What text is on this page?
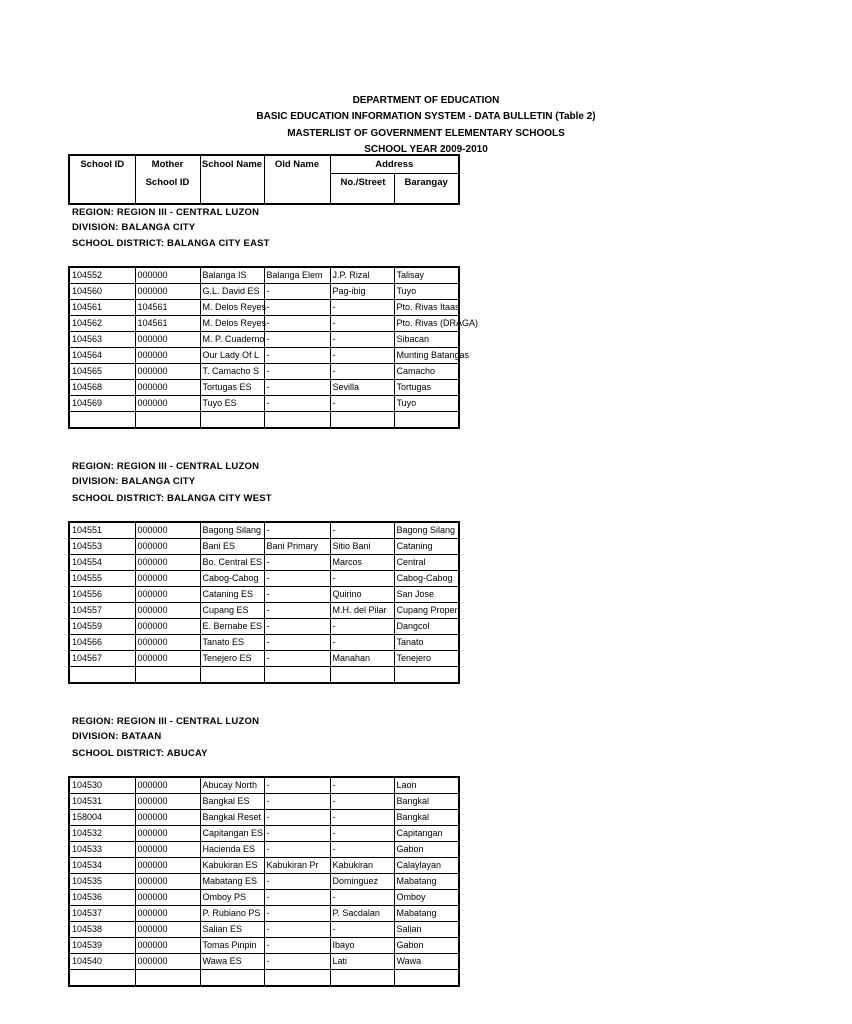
DEPARTMENT OF EDUCATION
BASIC EDUCATION INFORMATION SYSTEM - DATA BULLETIN (Table 2)
MASTERLIST OF GOVERNMENT ELEMENTARY SCHOOLS
SCHOOL YEAR 2009-2010
School ID	Mother	School Name	Old Name	Address	
	School ID			No./Street	Barangay
REGION: REGION III - CENTRAL LUZON
DIVISION: BALANGA CITY
SCHOOL DISTRICT: BALANGA CITY EAST
104552	000000	Balanga IS	Balanga Elem	J.P. Rizal	Talisay
104560	000000	G.L. David ES	-	Pag-ibig	Tuyo
104561	104561	M. Delos Reyes	-	-	Pto. Rivas Itaas
104562	104561	M. Delos Reyes	-	-	Pto. Rivas (DRAGA)
104563	000000	M. P. Cuaderno	-	-	Sibacan
104564	000000	Our Lady Of L	-	-	Munting Batangas
104565	000000	T. Camacho S	-	-	Camacho
104568	000000	Tortugas ES	-	Sevilla	Tortugas
104569	000000	Tuyo ES	-	-	Tuyo

REGION: REGION III - CENTRAL LUZON
DIVISION: BALANGA CITY
SCHOOL DISTRICT: BALANGA CITY WEST
104551	000000	Bagong Silang	-	-	Bagong Silang
104553	000000	Bani ES	Bani Primary	Sitio Bani	Cataning
104554	000000	Bo. Central ES	-	Marcos	Central
104555	000000	Cabog-Cabog	-	-	Cabog-Cabog
104556	000000	Cataning ES	-	Quirino	San Jose
104557	000000	Cupang ES	-	M.H. del Pilar	Cupang Proper
104559	000000	E. Bernabe ES	-	-	Dangcol
104566	000000	Tanato ES	-	-	Tanato
104567	000000	Tenejero ES	-	Manahan	Tenejero

REGION: REGION III - CENTRAL LUZON
DIVISION: BATAAN
SCHOOL DISTRICT: ABUCAY
104530	000000	Abucay North	-	-	Laon
104531	000000	Bangkal ES	-	-	Bangkal
158004	000000	Bangkal Reset	-	-	Bangkal
104532	000000	Capitangan ES	-	-	Capitangan
104533	000000	Hacienda ES	-	-	Gabon
104534	000000	Kabukiran ES	Kabukiran Pr	Kabukiran	Calaylayan
104535	000000	Mabatang ES	-	Dominguez	Mabatang
104536	000000	Omboy PS	-	-	Omboy
104537	000000	P. Rubiano PS	-	P. Sacdalan	Mabatang
104538	000000	Salian ES	-	-	Salian
104539	000000	Tomas Pinpin	-	Ibayo	Gabon
104540	000000	Wawa ES	-	Lati	Wawa
